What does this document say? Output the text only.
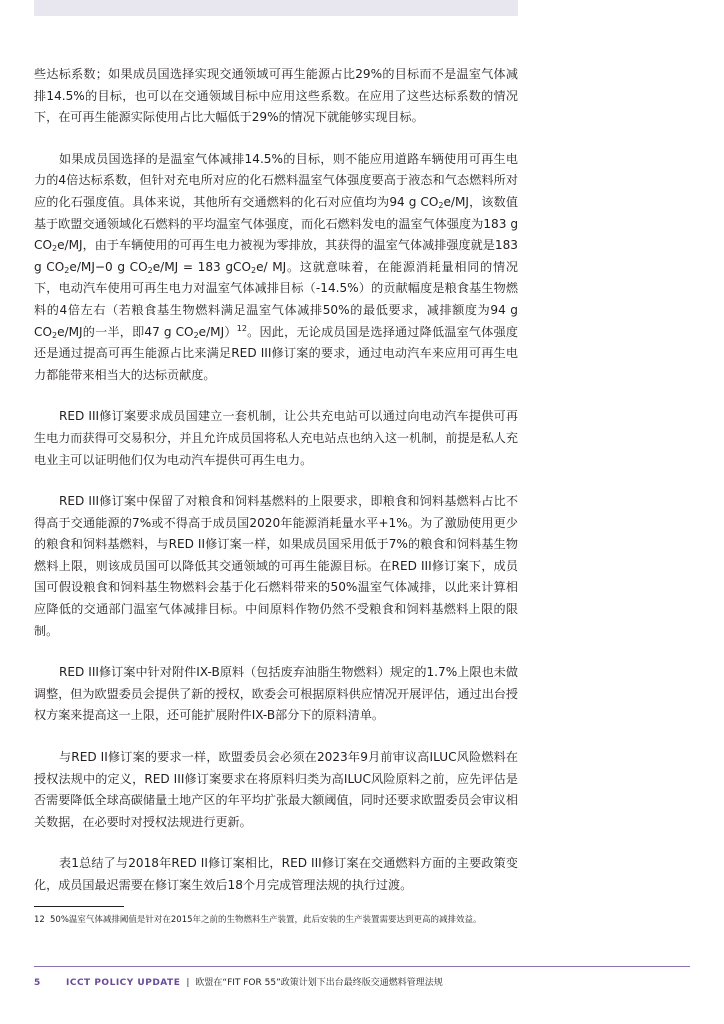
些达标系数；如果成员国选择实现交通领域可再生能源占比29%的目标而不是温室气体减排14.5%的目标，也可以在交通领域目标中应用这些系数。在应用了这些达标系数的情况下，在可再生能源实际使用占比大幅低于29%的情况下就能够实现目标。

如果成员国选择的是温室气体减排14.5%的目标，则不能应用道路车辆使用可再生电力的4倍达标系数，但针对充电所对应的化石燃料温室气体强度要高于液态和气态燃料所对应的化石强度值。具体来说，其他所有交通燃料的化石对应值均为94 g $CO_2e/MJ$，该数值基于欧盟交通领域化石燃料的平均温室气体强度，而化石燃料发电的温室气体强度为183 g $CO_2e/MJ$，由于车辆使用的可再生电力被视为零排放，其获得的温室气体减排强度就是183 g $CO_2e/MJ-0$ g $CO_2e/MJ = 183$ gCO$_2$e/ MJ。这就意味着，在能源消耗量相同的情况下，电动汽车使用可再生电力对温室气体减排目标（-14.5%）的贡献幅度是粮食基生物燃料的4倍左右（若粮食基生物燃料满足温室气体减排50%的最低要求，减排额度为94 g $CO_2e/MJ$的一半，即47 g $CO_2e/MJ)^{12}$。因此，无论成员国是选择通过降低温室气体强度还是通过提高可再生能源占比来满足RED III修订案的要求，通过电动汽车来应用可再生电力都能带来相当大的达标贡献度。

RED III修订案要求成员国建立一套机制，让公共充电站可以通过向电动汽车提供可再生电力而获得可交易积分，并且允许成员国将私人充电站点也纳入这一机制，前提是私人充电业主可以证明他们仅为电动汽车提供可再生电力。

RED III修订案中保留了对粮食和饲料基燃料的上限要求，即粮食和饲料基燃料占比不得高于交通能源的7%或不得高于成员国2020年能源消耗量水平+1%。为了激励使用更少的粮食和饲料基燃料，与RED II修订案一样，如果成员国采用低于7%的粮食和饲料基生物燃料上限，则该成员国可以降低其交通领域的可再生能源目标。在RED III修订案下，成员国可假设粮食和饲料基生物燃料会基于化石燃料带来的50%温室气体减排，以此来计算相应降低的交通部门温室气体减排目标。中间原料作物仍然不受粮食和饲料基燃料上限的限制。

RED III修订案中针对附件IX-B原料（包括废弃油脂生物燃料）规定的1.7%上限也未做调整，但为欧盟委员会提供了新的授权，欧委会可根据原料供应情况开展评估，通过出台授权方案来提高这一上限，还可能扩展附件IX-B部分下的原料清单。

与RED II修订案的要求一样，欧盟委员会必须在2023年9月前审议高ILUC风险燃料在授权法规中的定义，RED III修订案要求在将原料归类为高ILUC风险原料之前，应先评估是否需要降低全球高碳储量土地产区的年平均扩张最大额阈值，同时还要求欧盟委员会审议相关数据，在必要时对授权法规进行更新。

表1总结了与2018年RED II修订案相比，RED III修订案在交通燃料方面的主要政策变化，成员国最迟需要在修订案生效后18个月完成管理法规的执行过渡。

12 50%温室气体减排阈值是针对在2015年之前的生物燃料生产装置，此后安装的生产装置需要达到更高的减排效益。
5	ICCT POLICY UPDATE | 欧盟在“FIT FOR 55”政策计划下出台最终版交通燃料管理法规
